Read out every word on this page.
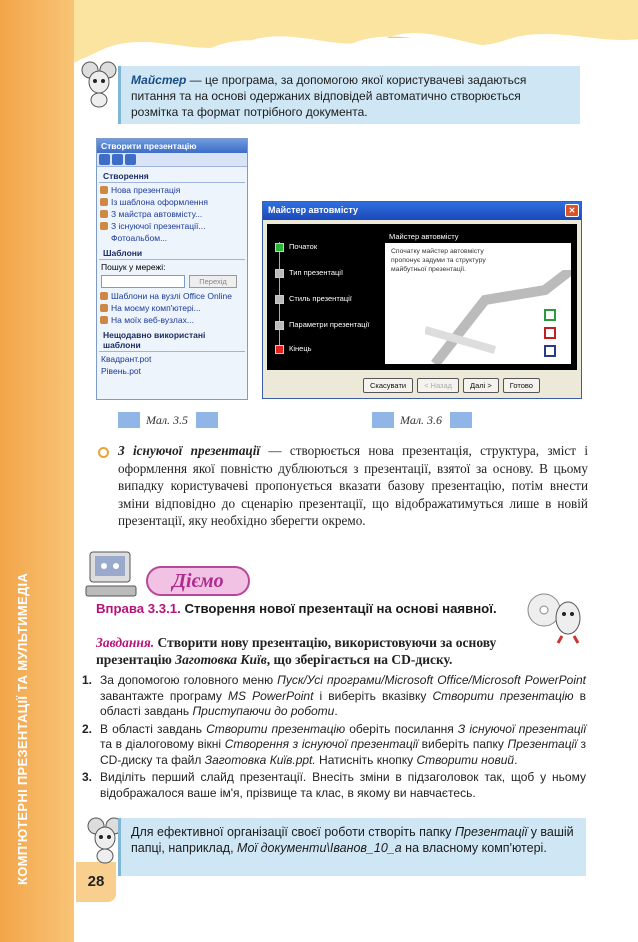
КОМП'ЮТЕРНІ ПРЕЗЕНТАЦІЇ ТА МУЛЬТИМЕДІА	28
Майстер — це програма, за допомогою якої користувачеві задаються питання та на основі одержаних відповідей автоматично створюється розмітка та формат потрібного документа.
Створити презентацію
Створення
Нова презентація
Із шаблона оформлення
З майстра автовмісту...
З існуючої презентації...
Фотоальбом...
Шаблони
Пошук у мережі:
Перехід
Шаблони на вузлі Office Online
На моєму комп'ютері...
На моїх веб-вузлах...
Нещодавно використані шаблони
Квадрант.pot
Рівень.pot
Майстер автовмісту	✕
Початок
Тип презентації
Стиль презентації
Параметри презентації
Кінець
Майстер автовмісту
Спочатку майстер автовмісту пропонує задуми та структуру майбутньої презентації.
Скасувати	< Назад	Далі >	Готово
Мал. 3.5	Мал. 3.6
З існуючої презентації — створюється нова презентація, структура, зміст і оформлення якої повністю дублюються з презентації, взятої за основу. В цьому випадку користувачеві пропонується вказати базову презентацію, потім внести зміни відповідно до сценарію презентації, що відображатимуться лише в новій презентації, яку необхідно зберегти окремо.
Діємо
Вправа 3.3.1. Створення нової презентації на основі наявної.
Завдання. Створити нову презентацію, використовуючи за основу презентацію Заготовка Київ, що зберігається на CD-диску.
1. За допомогою головного меню Пуск/Усі програми/Microsoft Office/Microsoft PowerPoint завантажте програму MS PowerPoint і виберіть вказівку Створити презентацію в області завдань Приступаючи до роботи.
2. В області завдань Створити презентацію оберіть посилання З існуючої презентації та в діалоговому вікні Створення з існуючої презентації виберіть папку Презентації з CD-диску та файл Заготовка Київ.ppt. Натисніть кнопку Створити новий.
3. Виділіть перший слайд презентації. Внесіть зміни в підзаголовок так, щоб у ньому відображалося ваше ім'я, прізвище та клас, в якому ви навчаєтесь.
Для ефективної організації своєї роботи створіть папку Презентації у вашій папці, наприклад, Мої документи\Іванов_10_а на власному комп'ютері.
